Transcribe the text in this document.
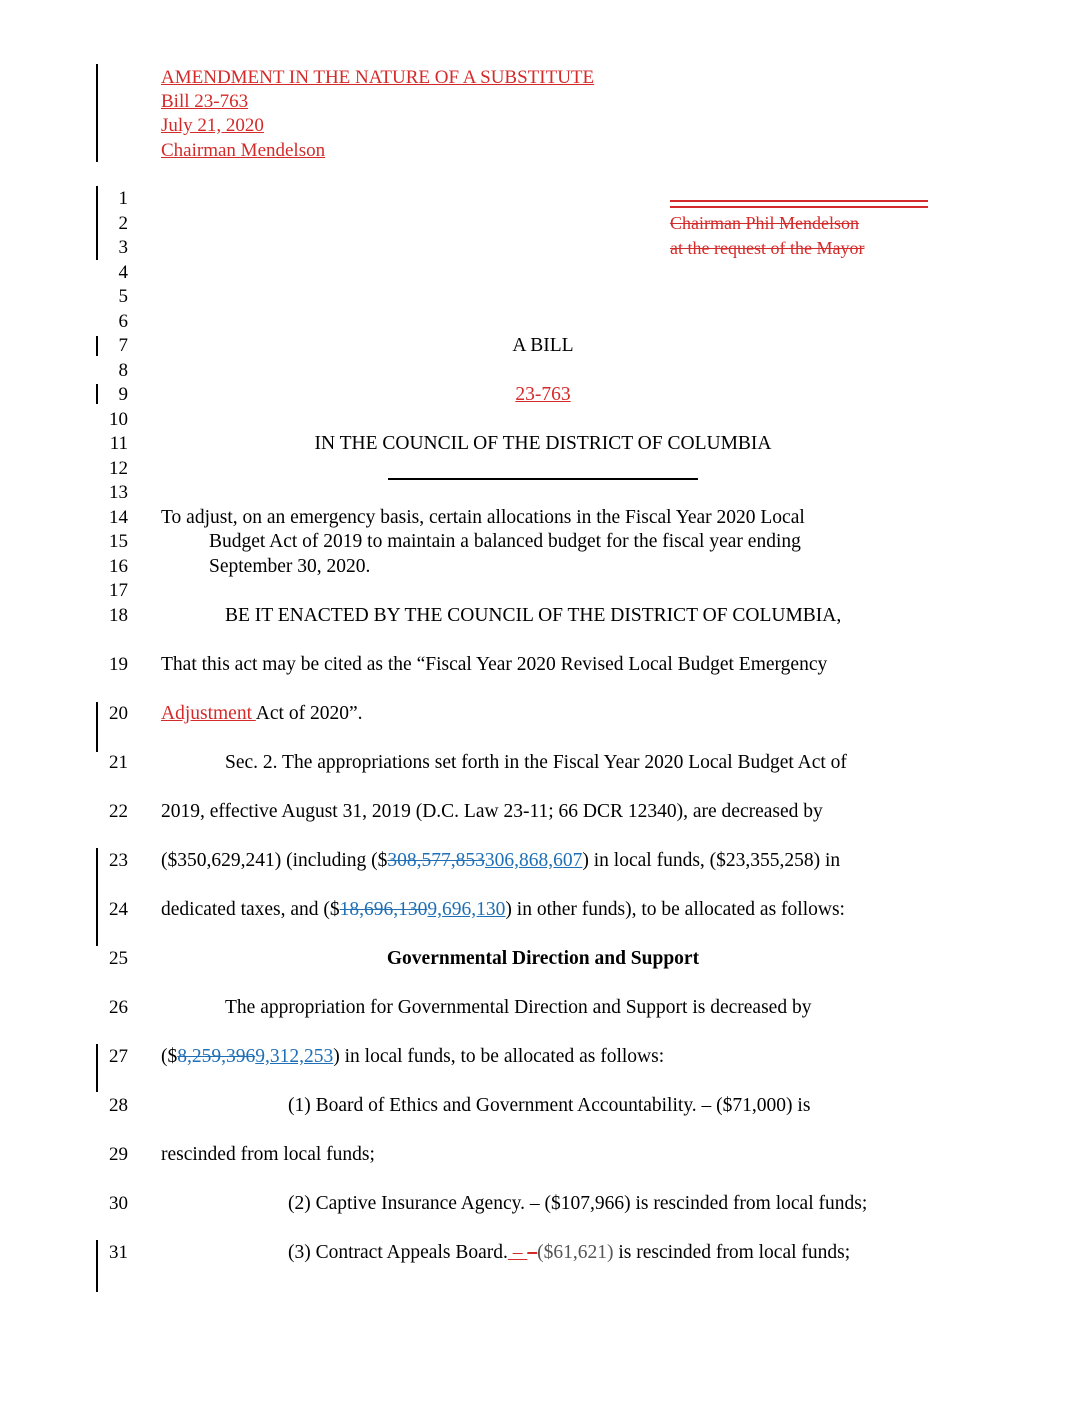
AMENDMENT IN THE NATURE OF A SUBSTITUTE
Bill 23-763
July 21, 2020
Chairman Mendelson
Chairman Phil Mendelson
at the request of the Mayor
1
2
3
4
5
6
7
8
9
10
11
12
13
14
15
16
17
18
19
20
21
22
23
24
25
26
27
28
29
30
31
A BILL
23-763
IN THE COUNCIL OF THE DISTRICT OF COLUMBIA
To adjust, on an emergency basis, certain allocations in the Fiscal Year 2020 Local
Budget Act of 2019 to maintain a balanced budget for the fiscal year ending
September 30, 2020.
BE IT ENACTED BY THE COUNCIL OF THE DISTRICT OF COLUMBIA,
That this act may be cited as the “Fiscal Year 2020 Revised Local Budget Emergency
Adjustment Act of 2020”.
Sec. 2. The appropriations set forth in the Fiscal Year 2020 Local Budget Act of
2019, effective August 31, 2019 (D.C. Law 23-11; 66 DCR 12340), are decreased by
($350,629,241) (including ($308,577,853306,868,607) in local funds, ($23,355,258) in
dedicated taxes, and ($18,696,1309,696,130) in other funds), to be allocated as follows:
Governmental Direction and Support
The appropriation for Governmental Direction and Support is decreased by
($8,259,3969,312,253) in local funds, to be allocated as follows:
(1) Board of Ethics and Government Accountability. – ($71,000) is
rescinded from local funds;
(2) Captive Insurance Agency. – ($107,966) is rescinded from local funds;
(3) Contract Appeals Board. – –($61,621) is rescinded from local funds;
